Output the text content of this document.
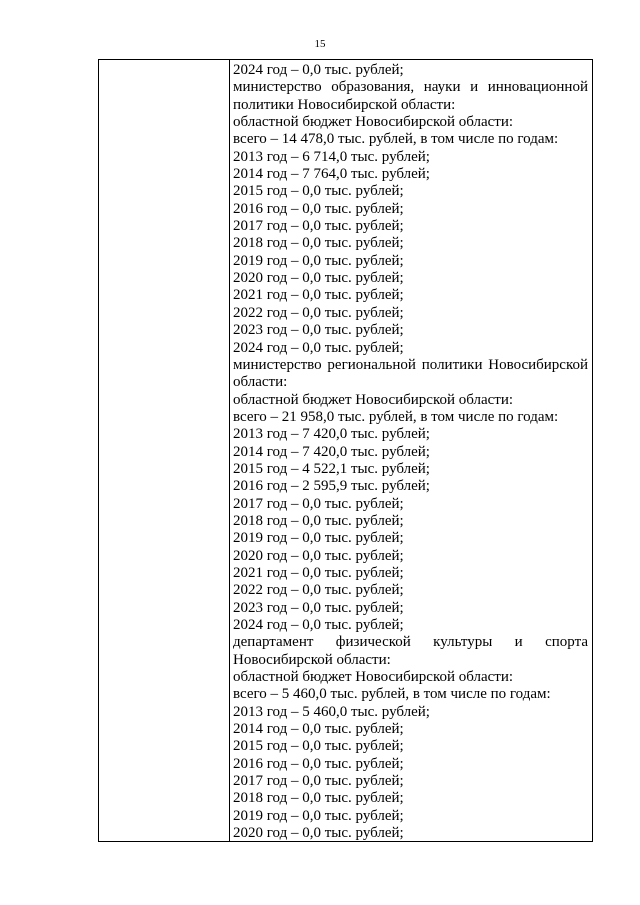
15
2024 год – 0,0 тыс. рублей;
министерство образования, науки и инновационной
политики Новосибирской области:
областной бюджет Новосибирской области:
всего – 14 478,0 тыс. рублей, в том числе по годам:
2013 год – 6 714,0 тыс. рублей;
2014 год – 7 764,0 тыс. рублей;
2015 год – 0,0 тыс. рублей;
2016 год – 0,0 тыс. рублей;
2017 год – 0,0 тыс. рублей;
2018 год – 0,0 тыс. рублей;
2019 год – 0,0 тыс. рублей;
2020 год – 0,0 тыс. рублей;
2021 год – 0,0 тыс. рублей;
2022 год – 0,0 тыс. рублей;
2023 год – 0,0 тыс. рублей;
2024 год – 0,0 тыс. рублей;
министерство региональной политики Новосибирской
области:
областной бюджет Новосибирской области:
всего – 21 958,0 тыс. рублей, в том числе по годам:
2013 год – 7 420,0 тыс. рублей;
2014 год – 7 420,0 тыс. рублей;
2015 год – 4 522,1 тыс. рублей;
2016 год – 2 595,9 тыс. рублей;
2017 год – 0,0 тыс. рублей;
2018 год – 0,0 тыс. рублей;
2019 год – 0,0 тыс. рублей;
2020 год – 0,0 тыс. рублей;
2021 год – 0,0 тыс. рублей;
2022 год – 0,0 тыс. рублей;
2023 год – 0,0 тыс. рублей;
2024 год – 0,0 тыс. рублей;
департамент физической культуры и спорта
Новосибирской области:
областной бюджет Новосибирской области:
всего – 5 460,0 тыс. рублей, в том числе по годам:
2013 год – 5 460,0 тыс. рублей;
2014 год – 0,0 тыс. рублей;
2015 год – 0,0 тыс. рублей;
2016 год – 0,0 тыс. рублей;
2017 год – 0,0 тыс. рублей;
2018 год – 0,0 тыс. рублей;
2019 год – 0,0 тыс. рублей;
2020 год – 0,0 тыс. рублей;
